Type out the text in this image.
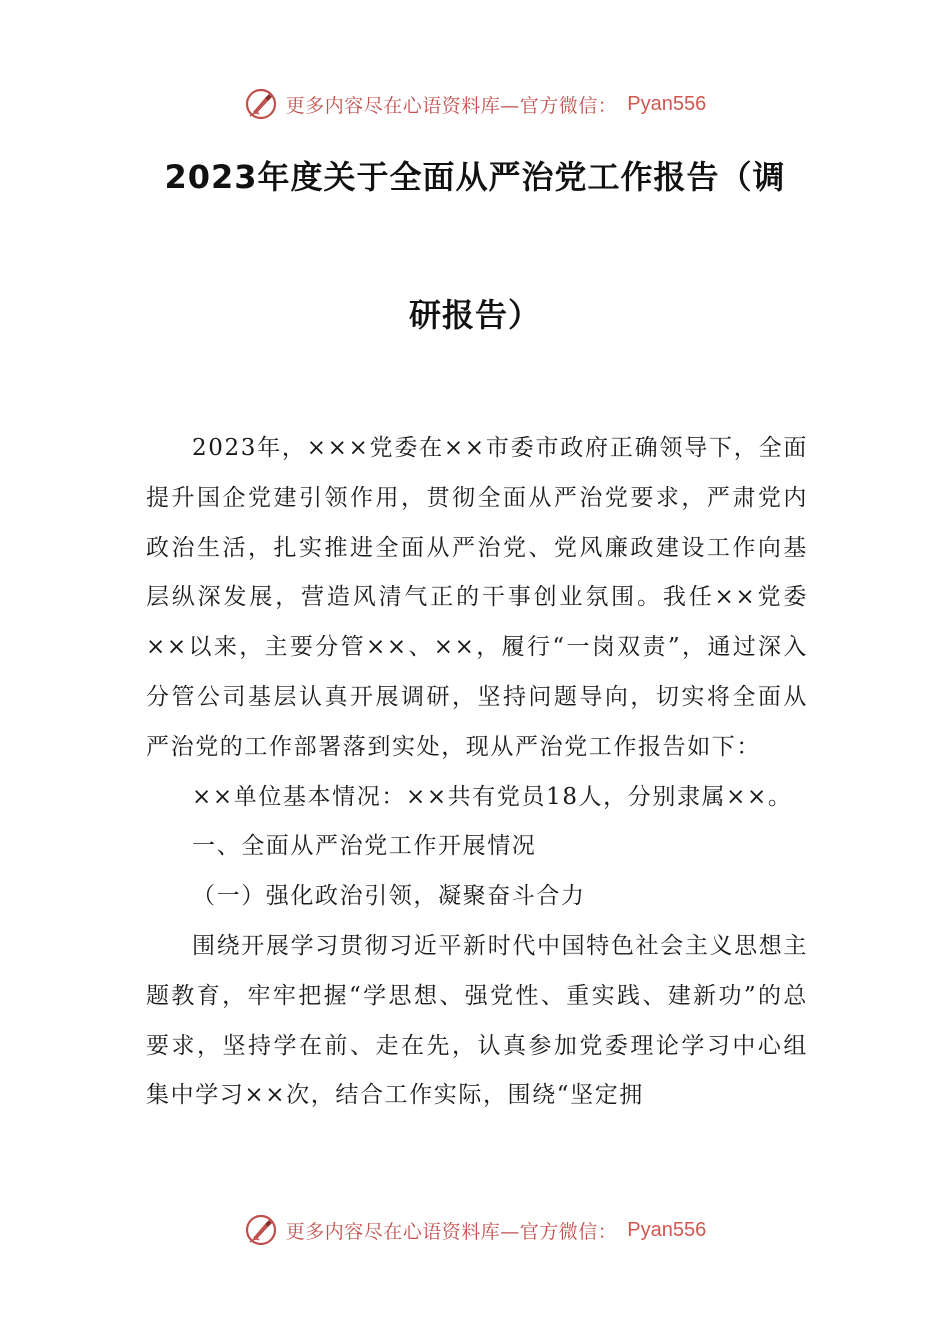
更多内容尽在心语资料库—官方微信： Pyan556
2023年度关于全面从严治党工作报告（调
研报告）

2023年，×××党委在××市委市政府正确领导下，全面提升国企党建引领作用，贯彻全面从严治党要求，严肃党内政治生活，扎实推进全面从严治党、党风廉政建设工作向基层纵深发展，营造风清气正的干事创业氛围。我任××党委××以来，主要分管××、××，履行“一岗双责”，通过深入分管公司基层认真开展调研，坚持问题导向，切实将全面从严治党的工作部署落到实处，现从严治党工作报告如下：

××单位基本情况：××共有党员18人，分别隶属××。

一、全面从严治党工作开展情况

（一）强化政治引领，凝聚奋斗合力

围绕开展学习贯彻习近平新时代中国特色社会主义思想主题教育，牢牢把握“学思想、强党性、重实践、建新功”的总要求，坚持学在前、走在先，认真参加党委理论学习中心组集中学习××次，结合工作实际，围绕“坚定拥

更多内容尽在心语资料库—官方微信： Pyan556
